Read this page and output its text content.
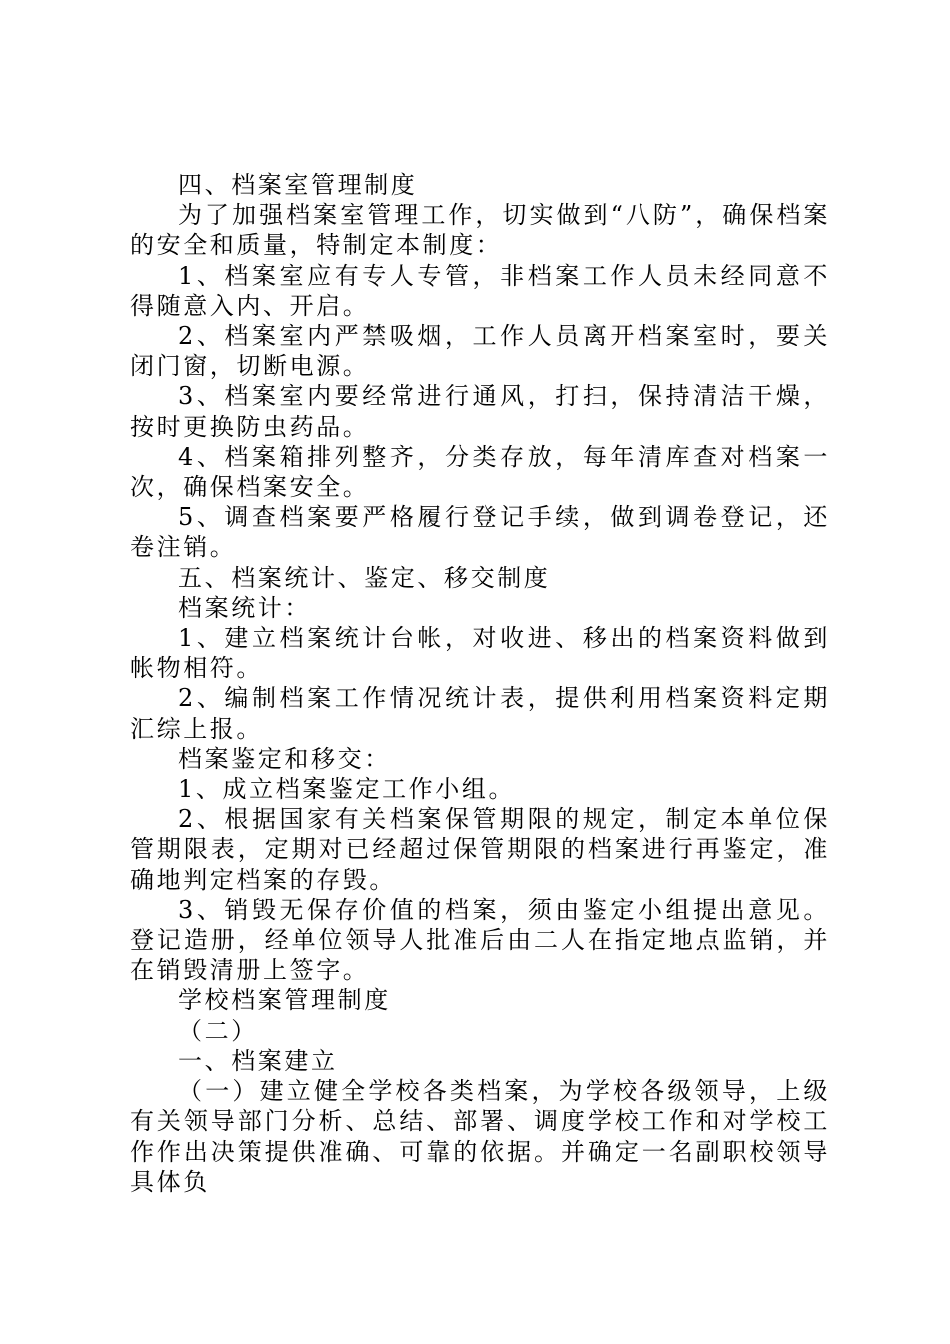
四、档案室管理制度

为了加强档案室管理工作，切实做到“八防”，确保档案的安全和质量，特制定本制度：

1、档案室应有专人专管，非档案工作人员未经同意不得随意入内、开启。

2、档案室内严禁吸烟，工作人员离开档案室时，要关闭门窗，切断电源。

3、档案室内要经常进行通风，打扫，保持清洁干燥，按时更换防虫药品。

4、档案箱排列整齐，分类存放，每年清库查对档案一次，确保档案安全。

5、调查档案要严格履行登记手续，做到调卷登记，还卷注销。

五、档案统计、鉴定、移交制度

档案统计：

1、建立档案统计台帐，对收进、移出的档案资料做到帐物相符。

2、编制档案工作情况统计表，提供利用档案资料定期汇综上报。

档案鉴定和移交：

1、成立档案鉴定工作小组。

2、根据国家有关档案保管期限的规定，制定本单位保管期限表，定期对已经超过保管期限的档案进行再鉴定，准确地判定档案的存毁。

3、销毁无保存价值的档案，须由鉴定小组提出意见。登记造册，经单位领导人批准后由二人在指定地点监销，并在销毁清册上签字。

学校档案管理制度

（二）

一、档案建立

（一）建立健全学校各类档案，为学校各级领导，上级有关领导部门分析、总结、部署、调度学校工作和对学校工作作出决策提供准确、可靠的依据。并确定一名副职校领导具体负
